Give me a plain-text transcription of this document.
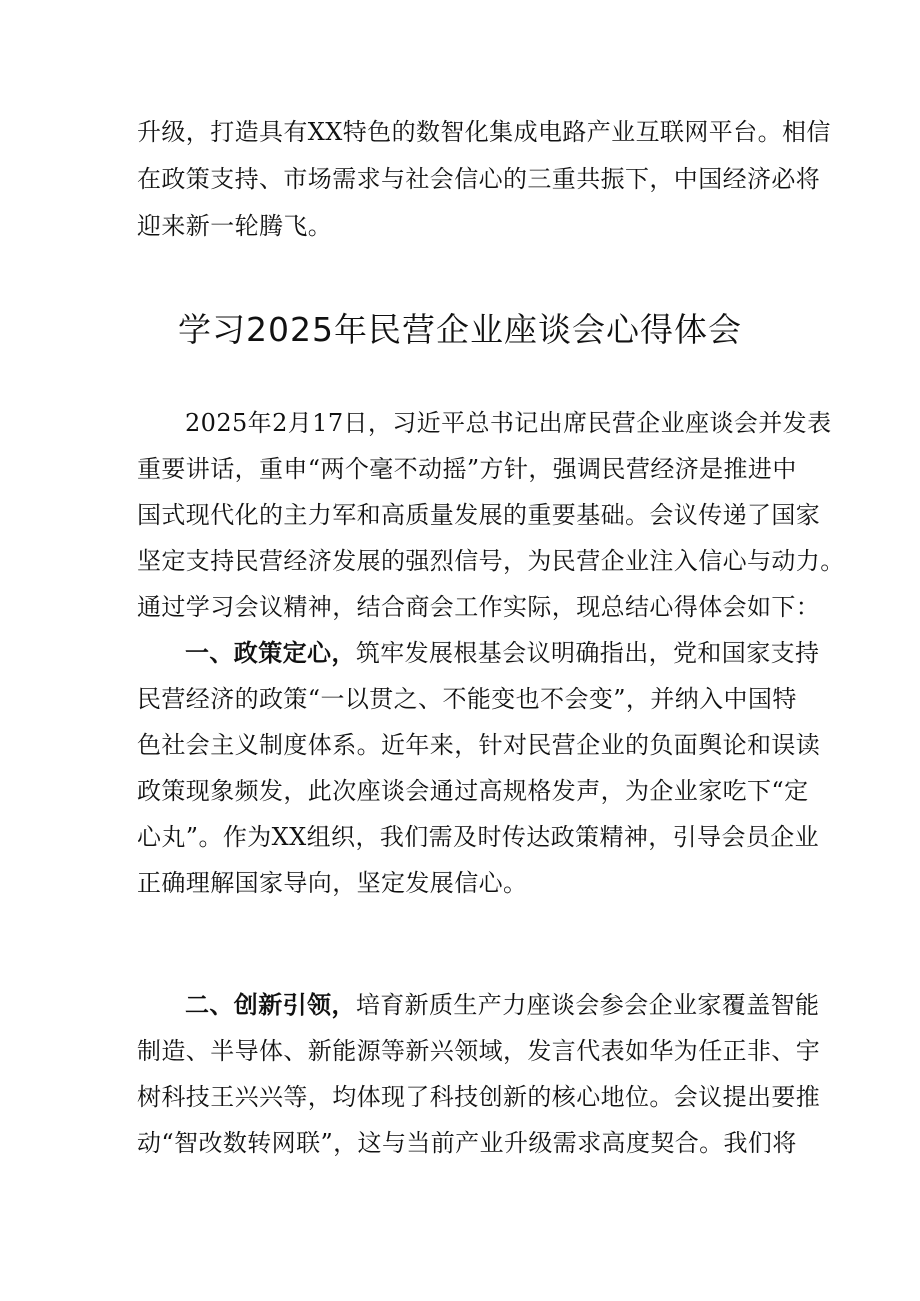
升级，打造具有XX特色的数智化集成电路产业互联网平台。相信
在政策支持、市场需求与社会信心的三重共振下，中国经济必将
迎来新一轮腾飞。
学习2025年民营企业座谈会心得体会
2025年2月17日，习近平总书记出席民营企业座谈会并发表
重要讲话，重申“两个毫不动摇”方针，强调民营经济是推进中
国式现代化的主力军和高质量发展的重要基础。会议传递了国家
坚定支持民营经济发展的强烈信号，为民营企业注入信心与动力。
通过学习会议精神，结合商会工作实际，现总结心得体会如下：
一、政策定心，筑牢发展根基会议明确指出，党和国家支持
民营经济的政策“一以贯之、不能变也不会变”，并纳入中国特
色社会主义制度体系。近年来，针对民营企业的负面舆论和误读
政策现象频发，此次座谈会通过高规格发声，为企业家吃下“定
心丸”。作为XX组织，我们需及时传达政策精神，引导会员企业
正确理解国家导向，坚定发展信心。
二、创新引领，培育新质生产力座谈会参会企业家覆盖智能
制造、半导体、新能源等新兴领域，发言代表如华为任正非、宇
树科技王兴兴等，均体现了科技创新的核心地位。会议提出要推
动“智改数转网联”，这与当前产业升级需求高度契合。我们将
